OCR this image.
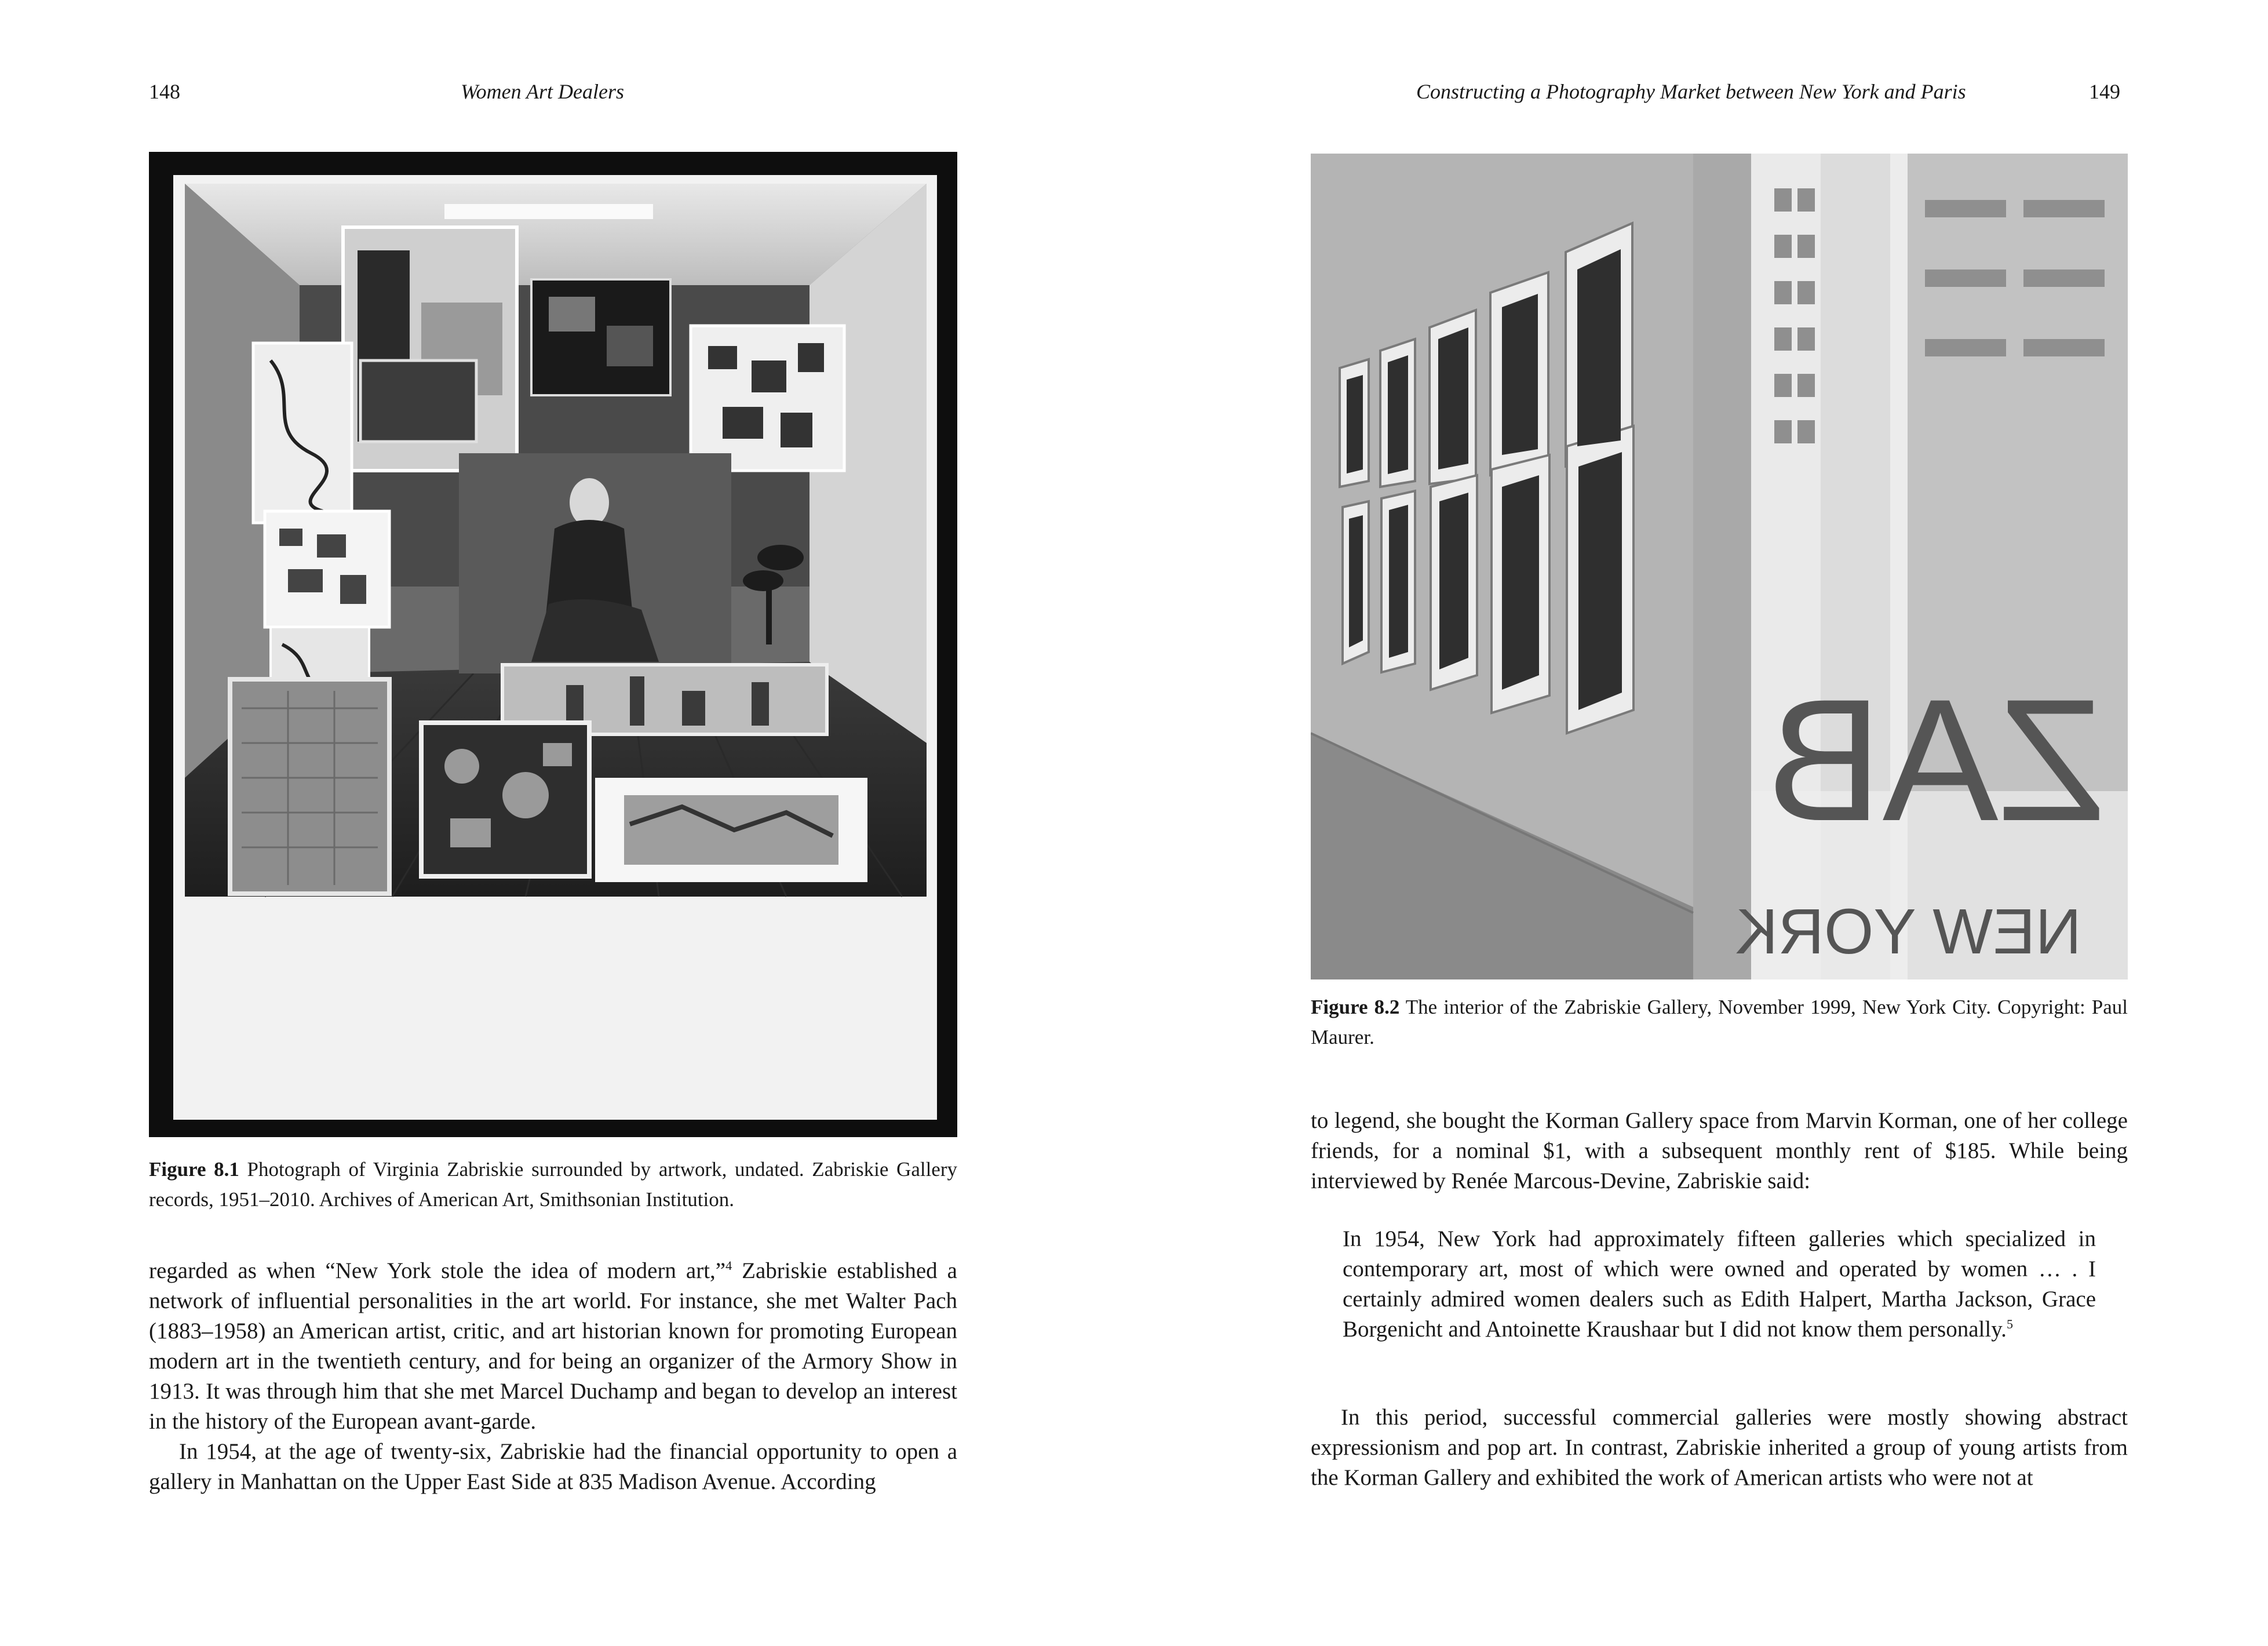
148	Women Art Dealers
Figure 8.1 Photograph of Virginia Zabriskie surrounded by artwork, undated. Zabriskie Gallery records, 1951–2010. Archives of American Art, Smithsonian Institution.

regarded as when “New York stole the idea of modern art,”$^4$ Zabriskie established a network of influential personalities in the art world. For instance, she met Walter Pach (1883–1958) an American artist, critic, and art historian known for promoting European modern art in the twentieth century, and for being an organizer of the Armory Show in 1913. It was through him that she met Marcel Duchamp and began to develop an interest in the history of the European avant-garde.

In 1954, at the age of twenty-six, Zabriskie had the financial opportunity to open a gallery in Manhattan on the Upper East Side at 835 Madison Avenue. According

Constructing a Photography Market between New York and Paris	149
ZAB
NEW YORK
Figure 8.2 The interior of the Zabriskie Gallery, November 1999, New York City. Copyright: Paul Maurer.

to legend, she bought the Korman Gallery space from Marvin Korman, one of her college friends, for a nominal $1, with a subsequent monthly rent of $185. While being interviewed by Renée Marcous-Devine, Zabriskie said:

In 1954, New York had approximately fifteen galleries which specialized in contemporary art, most of which were owned and operated by women … . I certainly admired women dealers such as Edith Halpert, Martha Jackson, Grace Borgenicht and Antoinette Kraushaar but I did not know them personally.$^5$

In this period, successful commercial galleries were mostly showing abstract expressionism and pop art. In contrast, Zabriskie inherited a group of young artists from the Korman Gallery and exhibited the work of American artists who were not at
